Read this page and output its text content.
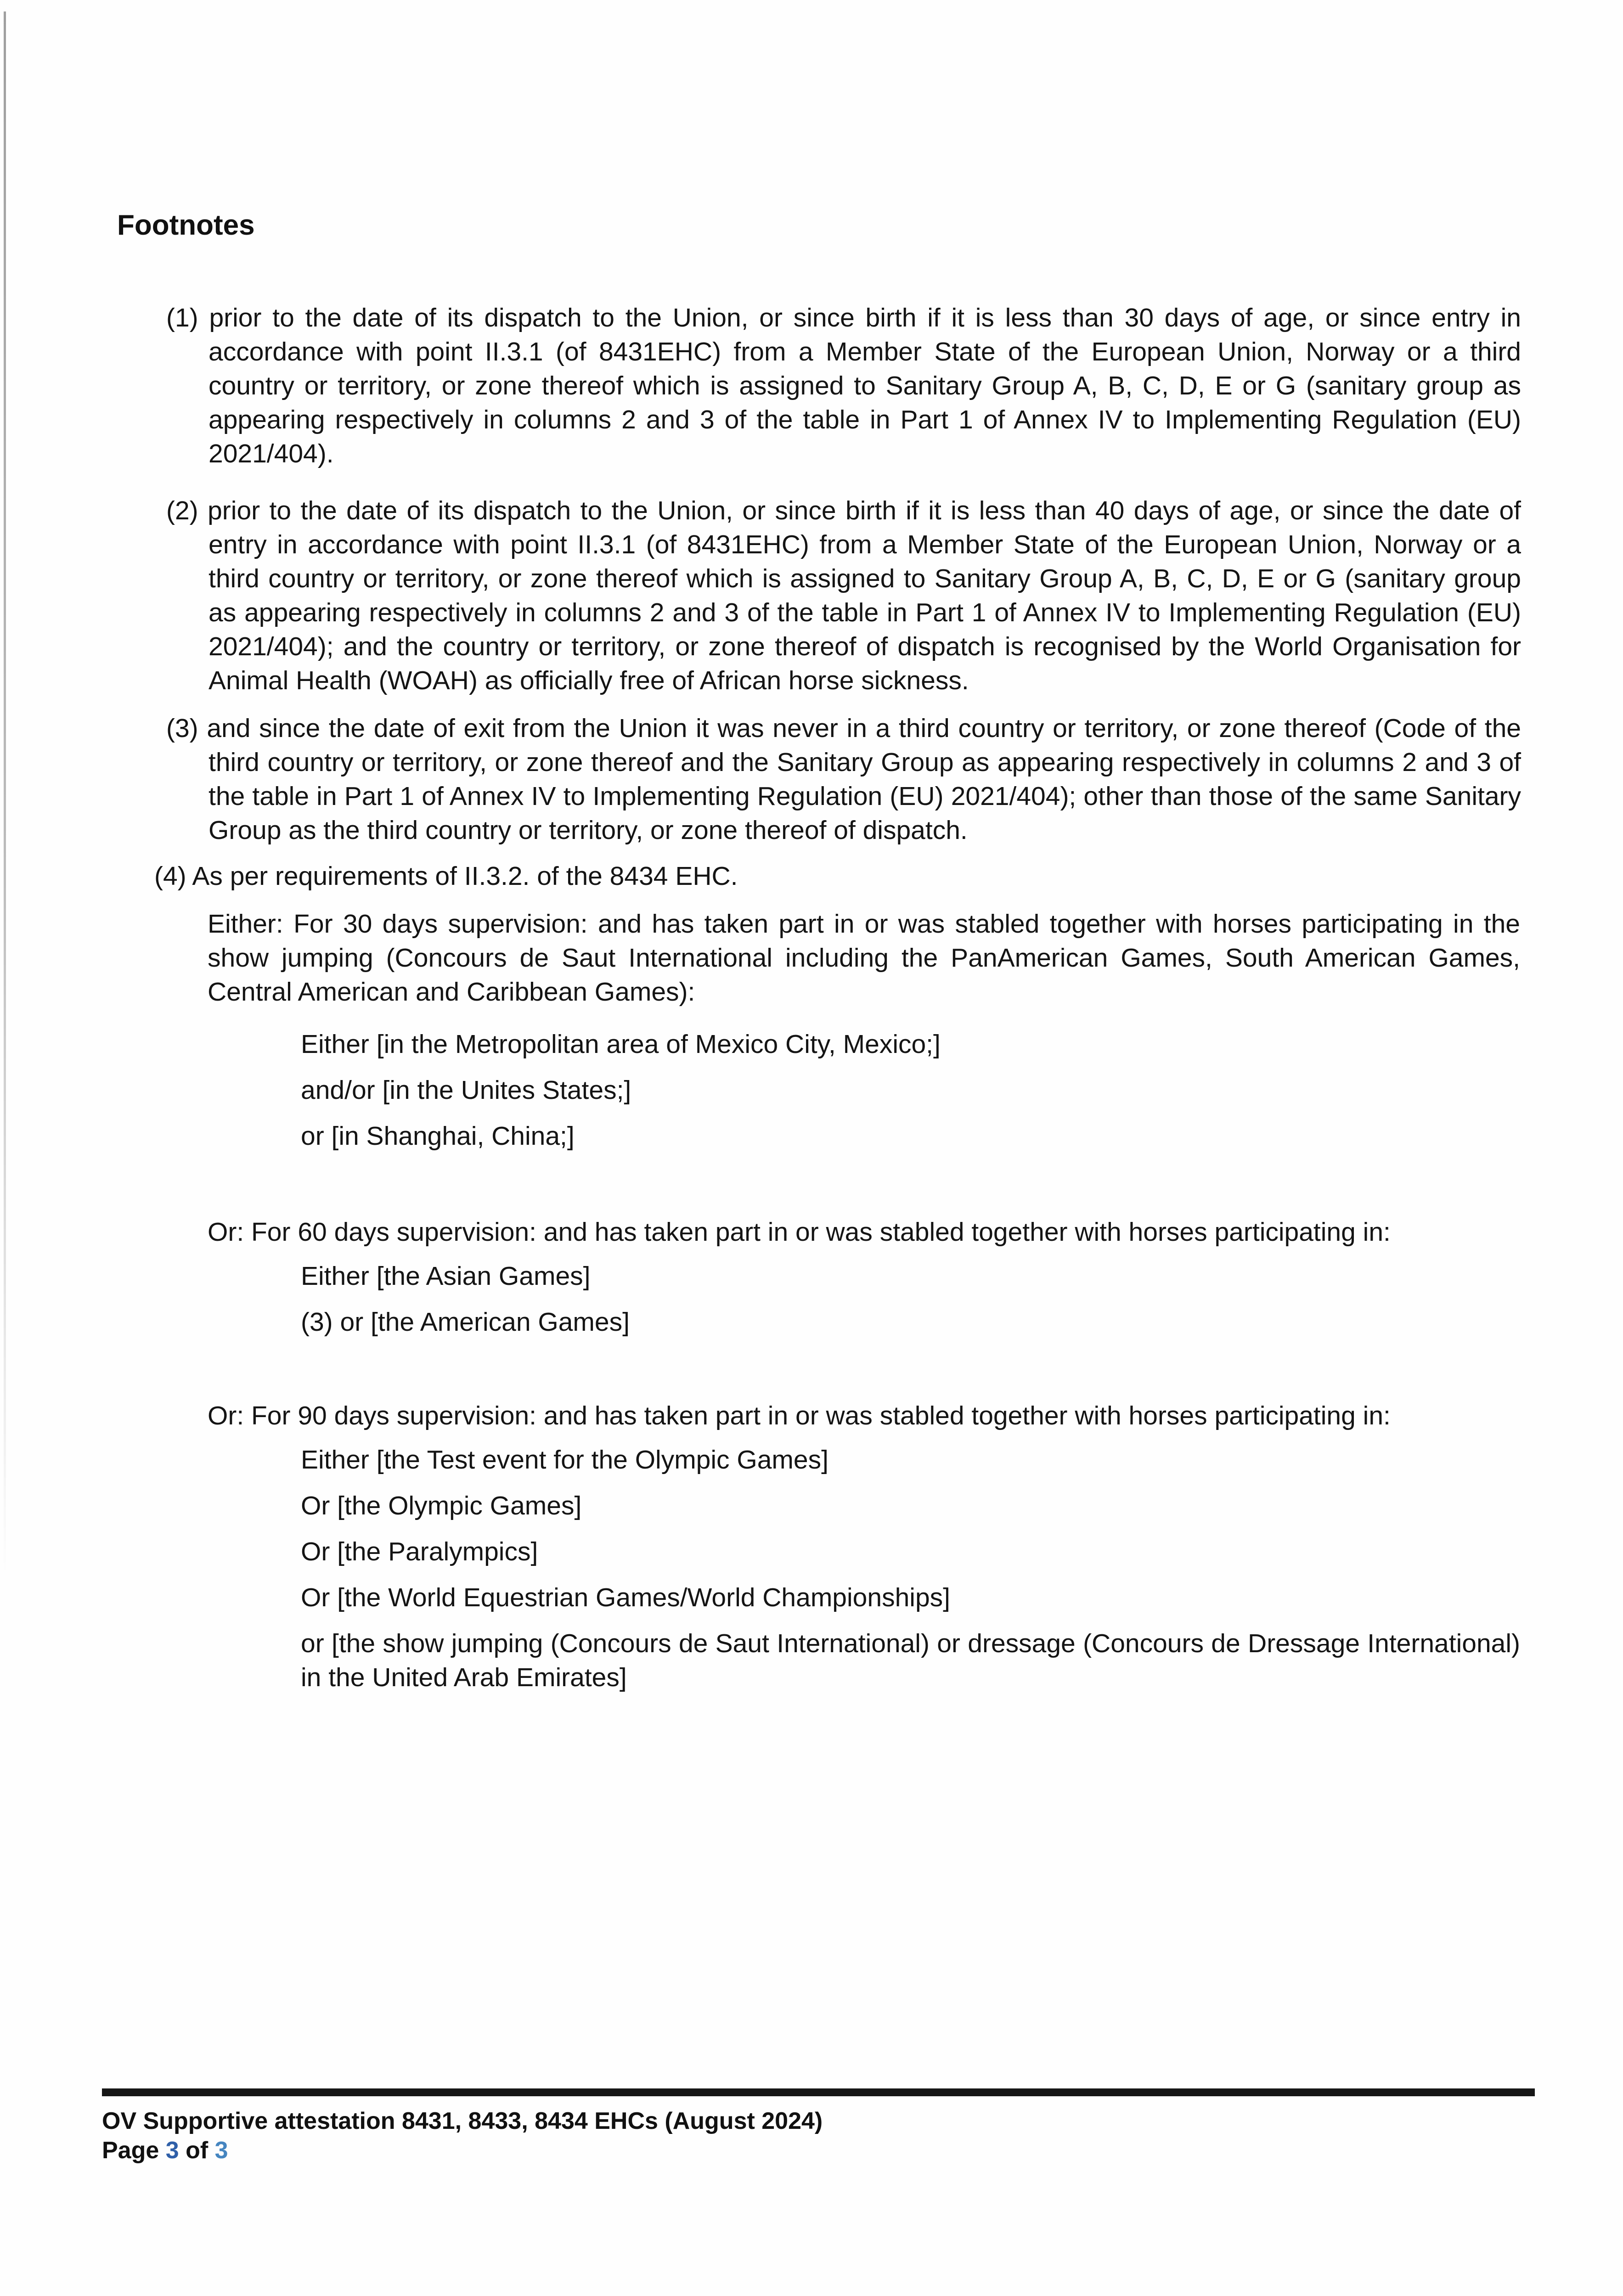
Footnotes

(1) prior to the date of its dispatch to the Union, or since birth if it is less than 30 days of age, or since entry in accordance with point II.3.1 (of 8431EHC) from a Member State of the European Union, Norway or a third country or territory, or zone thereof which is assigned to Sanitary Group A, B, C, D, E or G (sanitary group as appearing respectively in columns 2 and 3 of the table in Part 1 of Annex IV to Implementing Regulation (EU) 2021/404).

(2) prior to the date of its dispatch to the Union, or since birth if it is less than 40 days of age, or since the date of entry in accordance with point II.3.1 (of 8431EHC) from a Member State of the European Union, Norway or a third country or territory, or zone thereof which is assigned to Sanitary Group A, B, C, D, E or G (sanitary group as appearing respectively in columns 2 and 3 of the table in Part 1 of Annex IV to Implementing Regulation (EU) 2021/404); and the country or territory, or zone thereof of dispatch is recognised by the World Organisation for Animal Health (WOAH) as officially free of African horse sickness.

(3) and since the date of exit from the Union it was never in a third country or territory, or zone thereof (Code of the third country or territory, or zone thereof and the Sanitary Group as appearing respectively in columns 2 and 3 of the table in Part 1 of Annex IV to Implementing Regulation (EU) 2021/404); other than those of the same Sanitary Group as the third country or territory, or zone thereof of dispatch.

(4) As per requirements of II.3.2. of the 8434 EHC.

Either: For 30 days supervision: and has taken part in or was stabled together with horses participating in the show jumping (Concours de Saut International including the PanAmerican Games, South American Games, Central American and Caribbean Games):

Either [in the Metropolitan area of Mexico City, Mexico;]

and/or [in the Unites States;]

or [in Shanghai, China;]

Or: For 60 days supervision: and has taken part in or was stabled together with horses participating in:

Either [the Asian Games]

(3) or [the American Games]

Or: For 90 days supervision: and has taken part in or was stabled together with horses participating in:

Either [the Test event for the Olympic Games]

Or [the Olympic Games]

Or [the Paralympics]

Or [the World Equestrian Games/World Championships]

or [the show jumping (Concours de Saut International) or dressage (Concours de Dressage International) in the United Arab Emirates]

OV Supportive attestation 8431, 8433, 8434 EHCs (August 2024)
Page 3 of 3
